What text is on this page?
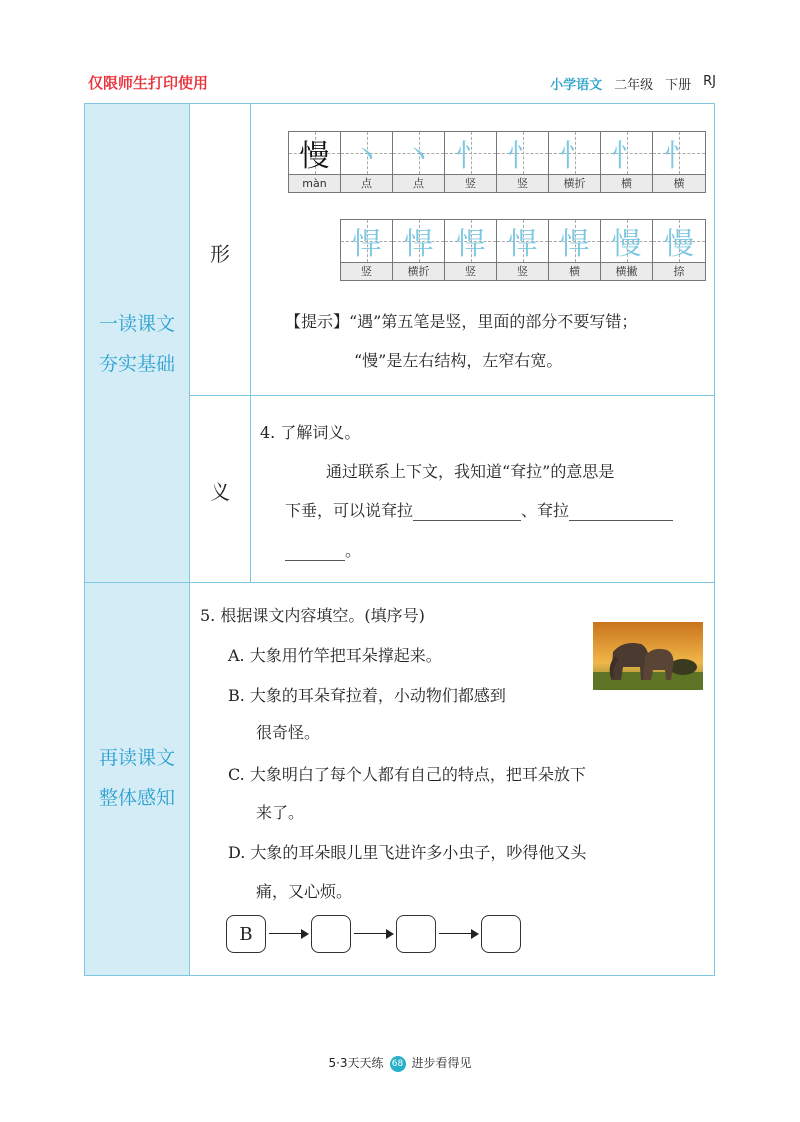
仅限师生打印使用	小学语文 二年级 下册 RJ
一读课文
夯实基础
再读课文
整体感知
形
义
慢
màn
丶
点
丶
点
忄
竖
忄
竖
忄
横折
忄
横
忄
横
悍
竖
悍
横折
悍
竖
悍
竖
悍
横
慢
横撇
慢
捺
【提示】“遇”第五笔是竖，里面的部分不要写错；
“慢”是左右结构，左窄右宽。
4. 了解词义。
通过联系上下文，我知道“耷拉”的意思是
下垂，可以说耷拉	、耷拉
。
5. 根据课文内容填空。(填序号)
A. 大象用竹竿把耳朵撑起来。
B. 大象的耳朵耷拉着，小动物们都感到
很奇怪。
C. 大象明白了每个人都有自己的特点，把耳朵放下
来了。
D. 大象的耳朵眼儿里飞进许多小虫子，吵得他又头
痛，又心烦。
B
5·3天天练 68 进步看得见
